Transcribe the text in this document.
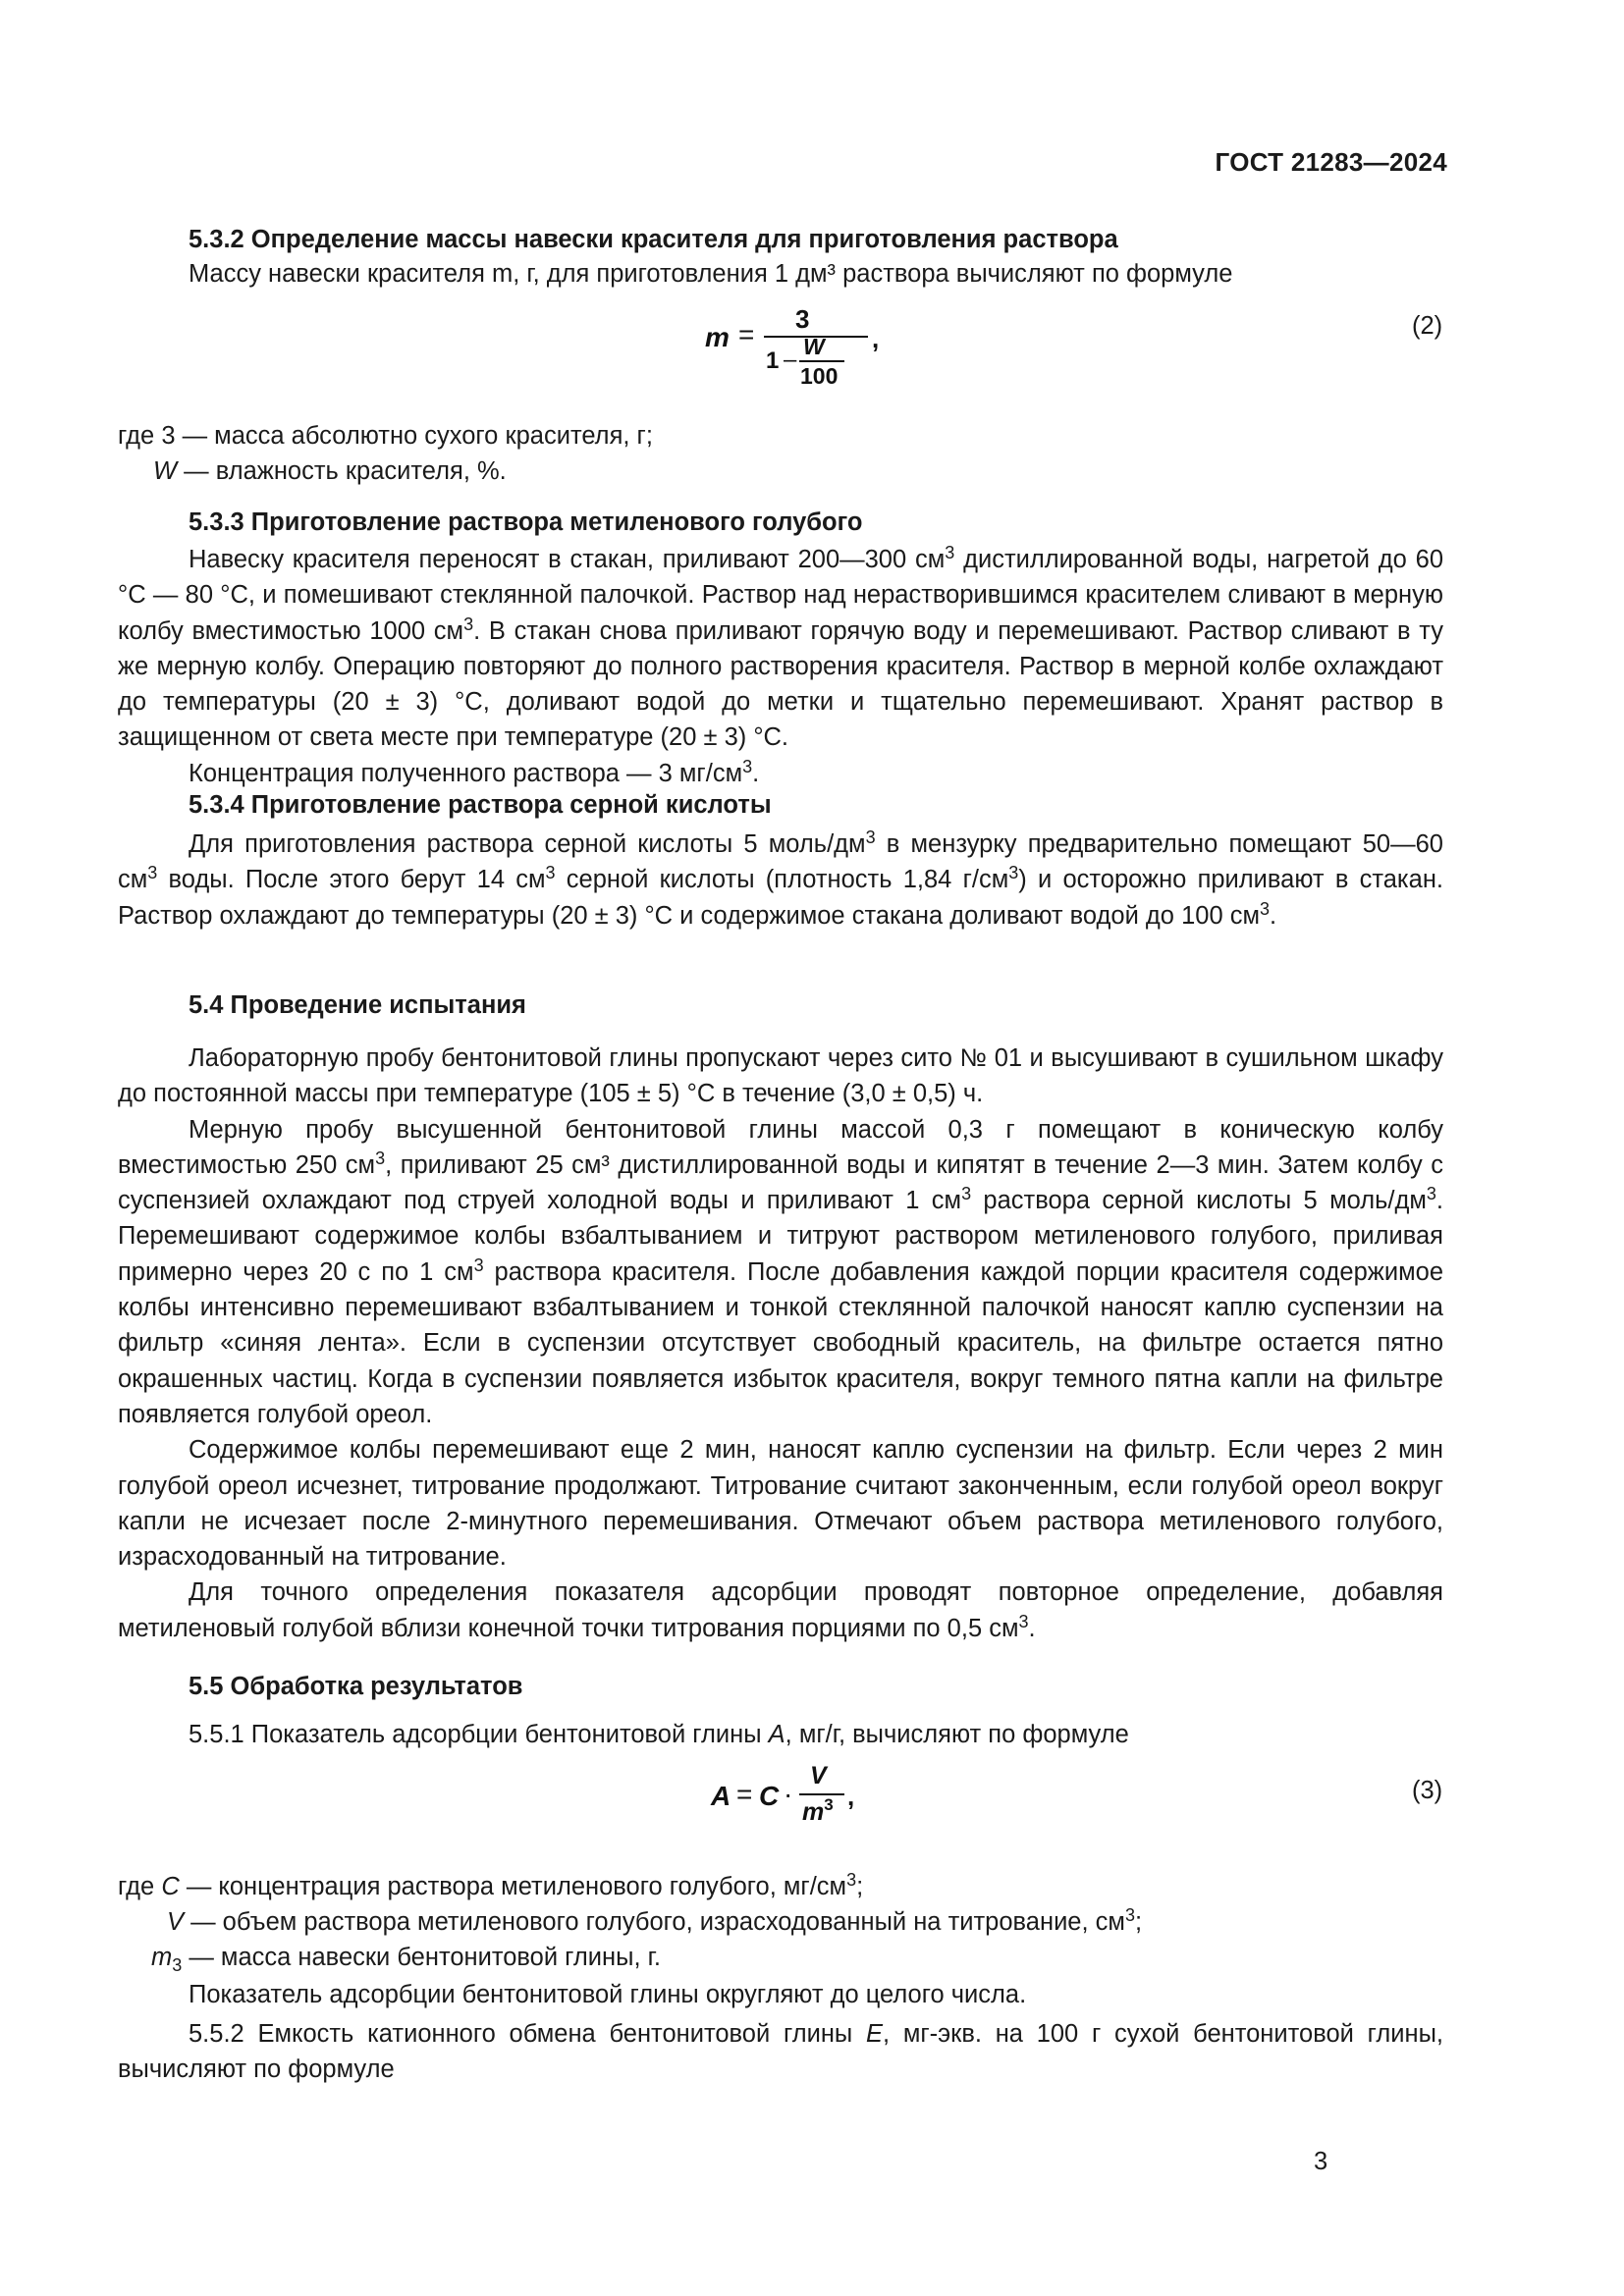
ГОСТ 21283—2024
5.3.2 Определение массы навески красителя для приготовления раствора
Массу навески красителя m, г, для приготовления 1 дм³ раствора вычисляют по формуле
m = 3
1 – W
100
,	(2)
где 3 — масса абсолютно сухого красителя, г;
W — влажность красителя, %.
5.3.3 Приготовление раствора метиленового голубого

Навеску красителя переносят в стакан, приливают 200—300 $см^3$ дистиллированной воды, нагретой до 60 °С — 80 °С, и помешивают стеклянной палочкой. Раствор над нерастворившимся красителем сливают в мерную колбу вместимостью 1000 $см^3$. В стакан снова приливают горячую воду и перемешивают. Раствор сливают в ту же мерную колбу. Операцию повторяют до полного растворения красителя. Раствор в мерной колбе охлаждают до температуры (20 ± 3) °С, доливают водой до метки и тщательно перемешивают. Хранят раствор в защищенном от света месте при температуре (20 ± 3) °С.

Концентрация полученного раствора — 3 $мг/см^3$.

5.3.4 Приготовление раствора серной кислоты

Для приготовления раствора серной кислоты 5 моль/$дм^3$ в мензурку предварительно помещают 50—60 $см^3$ воды. После этого берут 14 $см^3$ серной кислоты (плотность 1,84 $г/см^3$) и осторожно приливают в стакан. Раствор охлаждают до температуры (20 ± 3) °С и содержимое стакана доливают водой до 100 $см^3$.

5.4 Проведение испытания

Лабораторную пробу бентонитовой глины пропускают через сито № 01 и высушивают в сушильном шкафу до постоянной массы при температуре (105 ± 5) °С в течение (3,0 ± 0,5) ч.

Мерную пробу высушенной бентонитовой глины массой 0,3 г помещают в коническую колбу вместимостью 250 $см^3$, приливают 25 см³ дистиллированной воды и кипятят в течение 2—3 мин. Затем колбу с суспензией охлаждают под струей холодной воды и приливают 1 $см^3$ раствора серной кислоты 5 моль/$дм^3$. Перемешивают содержимое колбы взбалтыванием и титруют раствором метиленового голубого, приливая примерно через 20 с по 1 $см^3$ раствора красителя. После добавления каждой порции красителя содержимое колбы интенсивно перемешивают взбалтыванием и тонкой стеклянной палочкой наносят каплю суспензии на фильтр «синяя лента». Если в суспензии отсутствует свободный краситель, на фильтре остается пятно окрашенных частиц. Когда в суспензии появляется избыток красителя, вокруг темного пятна капли на фильтре появляется голубой ореол.

Содержимое колбы перемешивают еще 2 мин, наносят каплю суспензии на фильтр. Если через 2 мин голубой ореол исчезнет, титрование продолжают. Титрование считают законченным, если голубой ореол вокруг капли не исчезает после 2-минутного перемешивания. Отмечают объем раствора метиленового голубого, израсходованный на титрование.

Для точного определения показателя адсорбции проводят повторное определение, добавляя метиленовый голубой вблизи конечной точки титрования порциями по 0,5 $см^3$.

5.5 Обработка результатов
5.5.1 Показатель адсорбции бентонитовой глины A, мг/г, вычисляют по формуле
A = C ·
V
$m^3$ ,	(3)
где C — концентрация раствора метиленового голубого, $мг/см^3$;
V — объем раствора метиленового голубого, израсходованный на титрование, $см^3$;
$m_3$ — масса навески бентонитовой глины, г.
Показатель адсорбции бентонитовой глины округляют до целого числа.

5.5.2 Емкость катионного обмена бентонитовой глины E, мг-экв. на 100 г сухой бентонитовой глины, вычисляют по формуле

3
